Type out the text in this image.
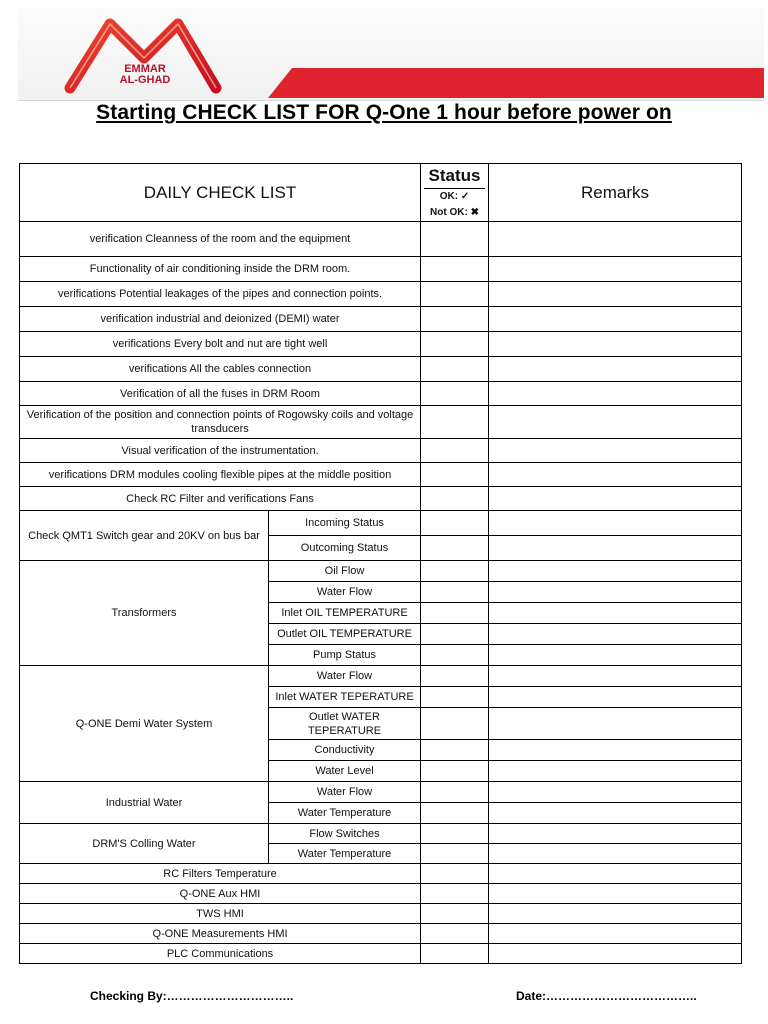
EMMAR
AL-GHAD
Starting CHECK LIST FOR Q-One 1 hour before power on
DAILY CHECK LIST		Status
OK: ✓
Not OK: ✖	Remarks
verification Cleanness of the room and the equipment			
Functionality of air conditioning inside the DRM room.			
verifications Potential leakages of the pipes and connection points.			
verification industrial and deionized (DEMI) water			
verifications Every bolt and nut are tight well			
verifications All the cables connection			
Verification of all the fuses in DRM Room			
Verification of the position and connection points of Rogowsky coils and voltage transducers			
Visual verification of the instrumentation.			
verifications DRM modules cooling flexible pipes at the middle position			
Check RC Filter and verifications Fans			
Check QMT1 Switch gear and 20KV on bus bar	Incoming Status		
	Outcoming Status		
Transformers	Oil Flow		
	Water Flow		
	Inlet OIL TEMPERATURE		
	Outlet OIL TEMPERATURE		
	Pump Status		
Q-ONE Demi Water System	Water Flow		
	Inlet WATER TEPERATURE		
	Outlet WATER TEPERATURE		
	Conductivity		
	Water Level		
Industrial Water	Water Flow		
	Water Temperature		
DRM'S Colling Water	Flow Switches		
	Water Temperature		
RC Filters Temperature			
Q-ONE Aux HMI			
TWS HMI			
Q-ONE Measurements HMI			
PLC Communications			
Checking By:…………………………..	Date:………………………………..
